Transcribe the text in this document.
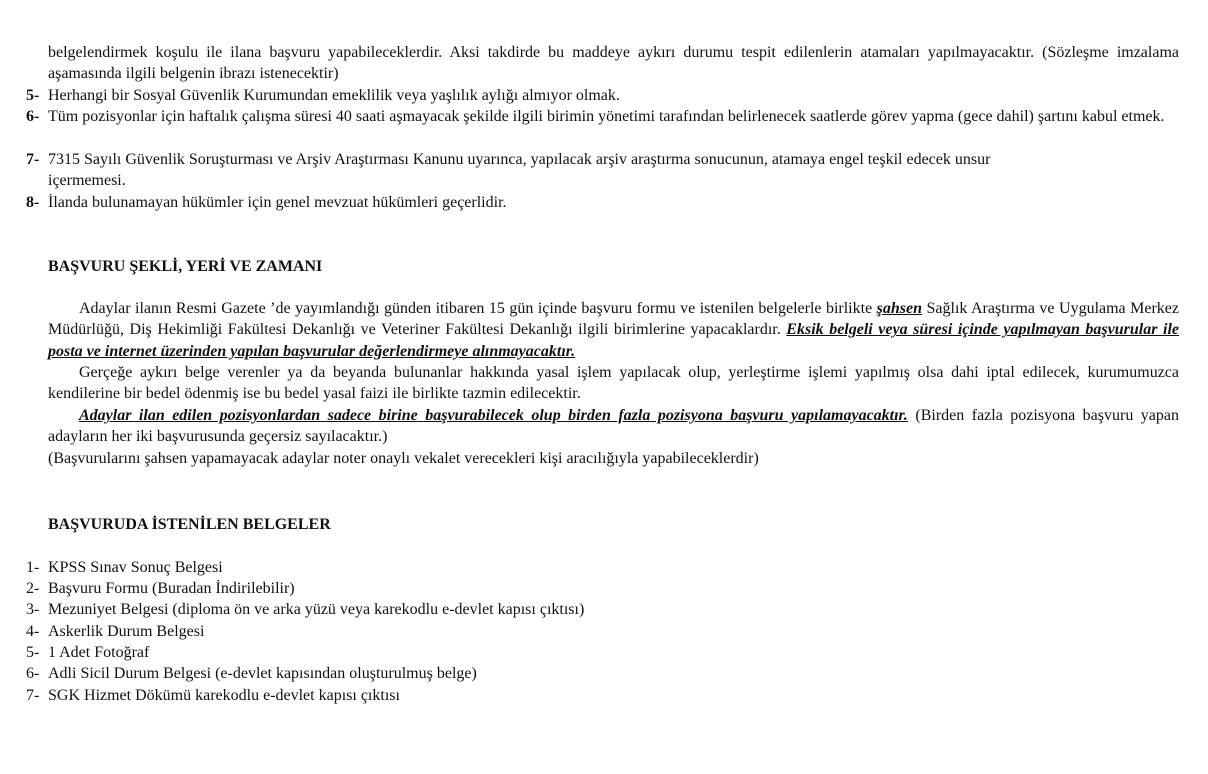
belgelendirmek koşulu ile ilana başvuru yapabileceklerdir. Aksi takdirde bu maddeye aykırı durumu tespit edilenlerin atamaları yapılmayacaktır. (Sözleşme imzalama aşamasında ilgili belgenin ibrazı istenecektir)
5- Herhangi bir Sosyal Güvenlik Kurumundan emeklilik veya yaşlılık aylığı almıyor olmak.
6- Tüm pozisyonlar için haftalık çalışma süresi 40 saati aşmayacak şekilde ilgili birimin yönetimi tarafından belirlenecek saatlerde görev yapma (gece dahil) şartını kabul etmek.
7- 7315 Sayılı Güvenlik Soruşturması ve Arşiv Araştırması Kanunu uyarınca, yapılacak arşiv araştırma sonucunun, atamaya engel teşkil edecek unsur
içermemesi.
8- İlanda bulunamayan hükümler için genel mevzuat hükümleri geçerlidir.
BAŞVURU ŞEKLİ, YERİ VE ZAMANI
Adaylar ilanın Resmi Gazete ’de yayımlandığı günden itibaren 15 gün içinde başvuru formu ve istenilen belgelerle birlikte şahsen Sağlık Araştırma ve Uygulama Merkez Müdürlüğü, Diş Hekimliği Fakültesi Dekanlığı ve Veteriner Fakültesi Dekanlığı ilgili birimlerine yapacaklardır. Eksik belgeli veya süresi içinde yapılmayan başvurular ile posta ve internet üzerinden yapılan başvurular değerlendirmeye alınmayacaktır.
Gerçeğe aykırı belge verenler ya da beyanda bulunanlar hakkında yasal işlem yapılacak olup, yerleştirme işlemi yapılmış olsa dahi iptal edilecek, kurumumuzca kendilerine bir bedel ödenmiş ise bu bedel yasal faizi ile birlikte tazmin edilecektir.
Adaylar ilan edilen pozisyonlardan sadece birine başvurabilecek olup birden fazla pozisyona başvuru yapılamayacaktır. (Birden fazla pozisyona başvuru yapan adayların her iki başvurusunda geçersiz sayılacaktır.)
(Başvurularını şahsen yapamayacak adaylar noter onaylı vekalet verecekleri kişi aracılığıyla yapabileceklerdir)
BAŞVURUDA İSTENİLEN BELGELER
1- KPSS Sınav Sonuç Belgesi
2- Başvuru Formu (Buradan İndirilebilir)
3- Mezuniyet Belgesi (diploma ön ve arka yüzü veya karekodlu e-devlet kapısı çıktısı)
4- Askerlik Durum Belgesi
5- 1 Adet Fotoğraf
6- Adli Sicil Durum Belgesi (e-devlet kapısından oluşturulmuş belge)
7- SGK Hizmet Dökümü karekodlu e-devlet kapısı çıktısı
